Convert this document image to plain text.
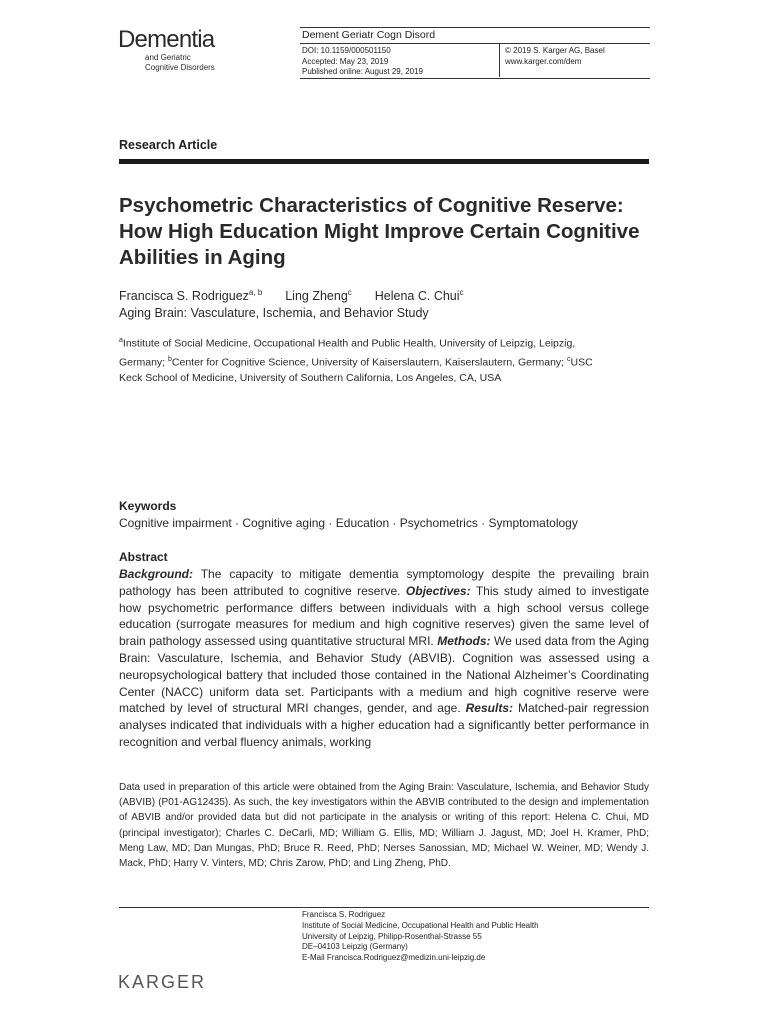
Dementia
and Geriatric
Cognitive Disorders
Dement Geriatr Cogn Disord
DOI: 10.1159/000501150
Accepted: May 23, 2019
Published online: August 29, 2019
© 2019 S. Karger AG, Basel
www.karger.com/dem
Research Article
Psychometric Characteristics of Cognitive Reserve: How High Education Might Improve Certain Cognitive Abilities in Aging
Francisca S. Rodriguez$^{a, b}$ Ling Zheng$^c$ Helena C. Chui$^c$
Aging Brain: Vasculature, Ischemia, and Behavior Study
$^a$Institute of Social Medicine, Occupational Health and Public Health, University of Leipzig, Leipzig, Germany; $^b$Center for Cognitive Science, University of Kaiserslautern, Kaiserslautern, Germany; $^c$USC Keck School of Medicine, University of Southern California, Los Angeles, CA, USA
Keywords
Cognitive impairment · Cognitive aging · Education · Psychometrics · Symptomatology
Abstract
Background: The capacity to mitigate dementia symptomology despite the prevailing brain pathology has been attributed to cognitive reserve. Objectives: This study aimed to investigate how psychometric performance differs between individuals with a high school versus college education (surrogate measures for medium and high cognitive reserves) given the same level of brain pathology assessed using quantitative structural MRI. Methods: We used data from the Aging Brain: Vasculature, Ischemia, and Behavior Study (ABVIB). Cognition was assessed using a neuropsychological battery that included those contained in the National Alzheimer’s Coordinating Center (NACC) uniform data set. Participants with a medium and high cognitive reserve were matched by level of structural MRI changes, gender, and age. Results: Matched-pair regression analyses indicated that individuals with a higher education had a significantly better performance in recognition and verbal fluency animals, working
Data used in preparation of this article were obtained from the Aging Brain: Vasculature, Ischemia, and Behavior Study (ABVIB) (P01-AG12435). As such, the key investigators within the ABVIB contributed to the design and implementation of ABVIB and/or provided data but did not participate in the analysis or writing of this report: Helena C. Chui, MD (principal investigator); Charles C. DeCarli, MD; William G. Ellis, MD; William J. Jagust, MD; Joel H. Kramer, PhD; Meng Law, MD; Dan Mungas, PhD; Bruce R. Reed, PhD; Nerses Sanossian, MD; Michael W. Weiner, MD; Wendy J. Mack, PhD; Harry V. Vinters, MD; Chris Zarow, PhD; and Ling Zheng, PhD.
Francisca S. Rodriguez
Institute of Social Medicine, Occupational Health and Public Health
University of Leipzig, Philipp-Rosenthal-Strasse 55
DE–04103 Leipzig (Germany)
E-Mail Francisca.Rodriguez@medizin.uni-leipzig.de
KARGER
